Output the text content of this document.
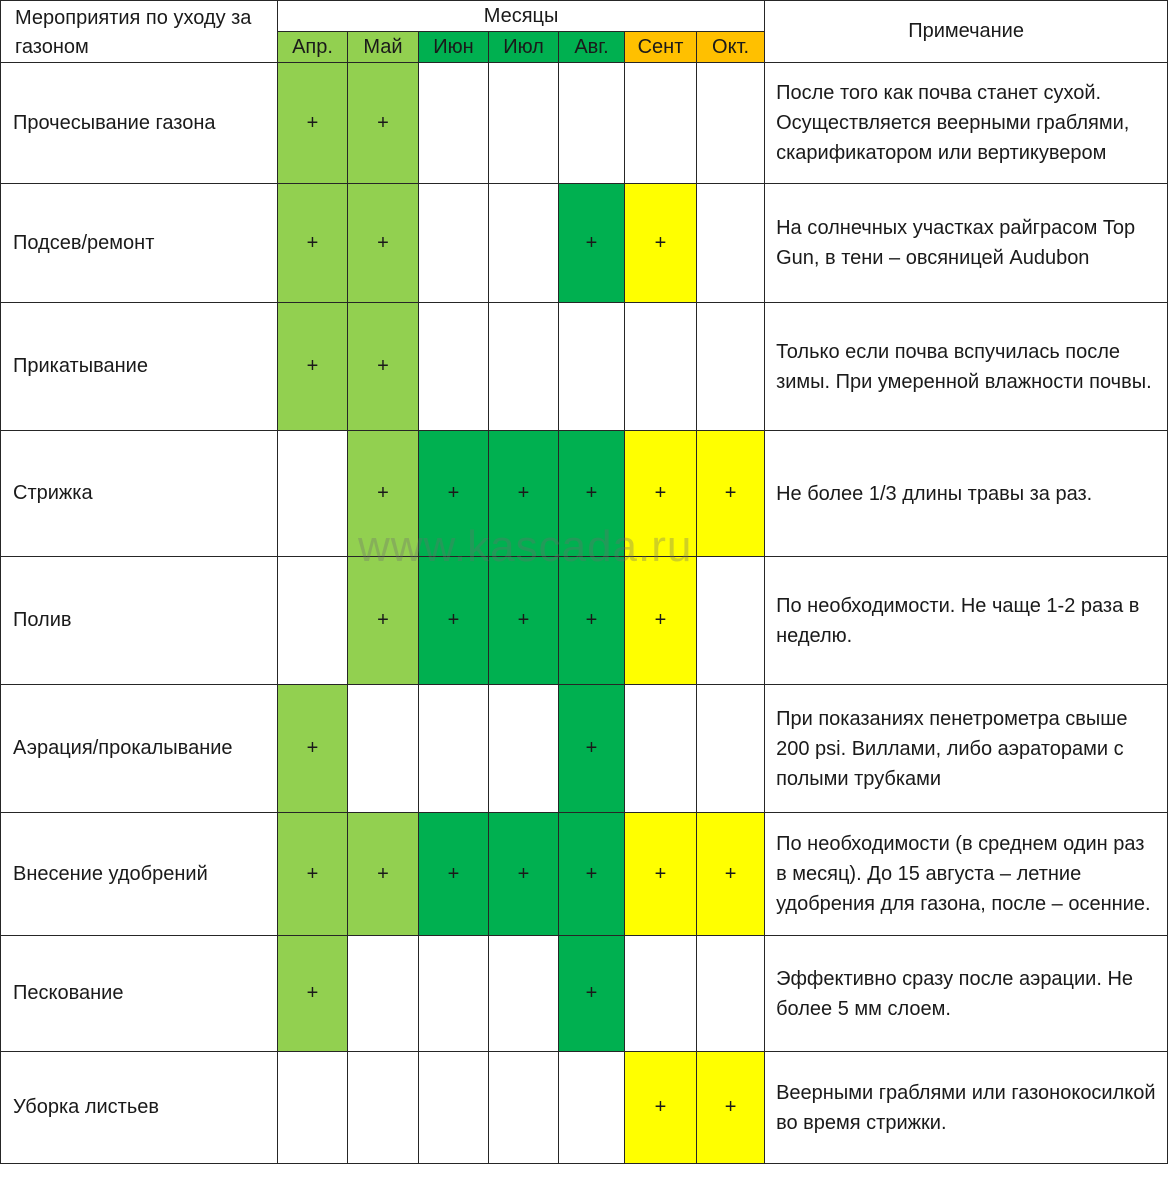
Мероприятия по уходу за газоном	Месяцы							Примечание
	Апр.	Май	Июн	Июл	Авг.	Сент	Окт.	
Прочесывание газона	+	+						После того как почва станет сухой. Осуществляется веерными граблями, скарификатором или вертикувером
Подсев/ремонт	+	+			+	+		На солнечных участках райграсом Top Gun, в тени – овсяницей Audubon
Прикатывание	+	+						Только если почва вспучилась после зимы. При умеренной влажности почвы.
Стрижка		+	+	+	+	+	+	Не более 1/3 длины травы за раз.
Полив		+	+	+	+	+		По необходимости. Не чаще 1-2 раза в неделю.
Аэрация/прокалывание	+				+			При показаниях пенетрометра свыше 200 psi. Виллами, либо аэраторами с полыми трубками
Внесение удобрений	+	+	+	+	+	+	+	По необходимости (в среднем один раз в месяц). До 15 августа – летние удобрения для газона, после – осенние.
Пескование	+				+			Эффективно сразу после аэрации. Не более 5 мм слоем.
Уборка листьев						+	+	Веерными граблями или газонокосилкой во время стрижки.
www.kascada.ru
